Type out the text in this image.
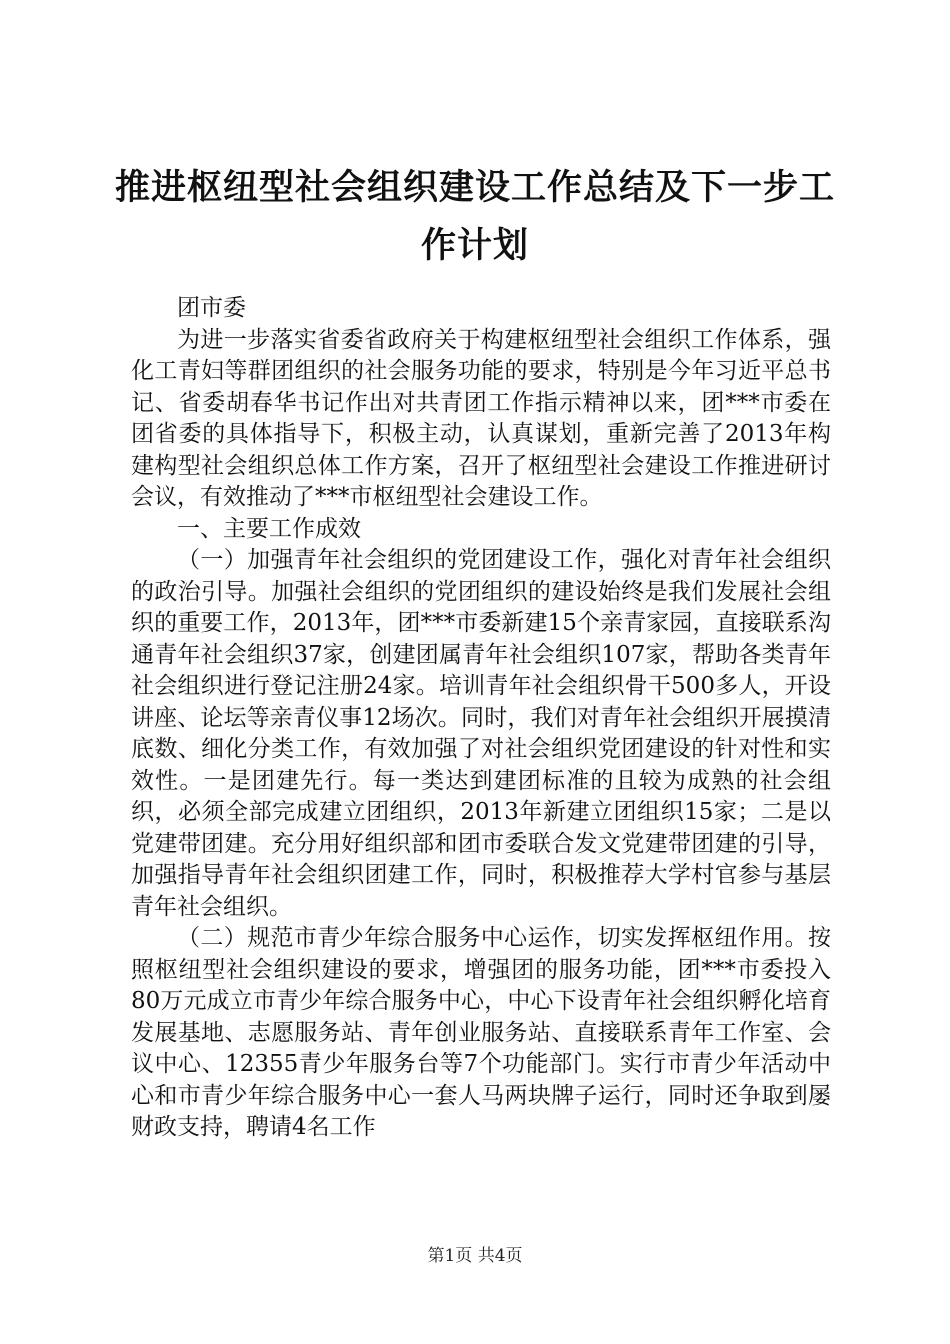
推进枢纽型社会组织建设工作总结及下一步工
作计划

团市委

为进一步落实省委省政府关于构建枢纽型社会组织工作体系，强化工青妇等群团组织的社会服务功能的要求，特别是今年习近平总书记、省委胡春华书记作出对共青团工作指示精神以来，团***市委在团省委的具体指导下，积极主动，认真谋划，重新完善了2013年构建构型社会组织总体工作方案，召开了枢纽型社会建设工作推进研讨会议，有效推动了***市枢纽型社会建设工作。

一、主要工作成效

（一）加强青年社会组织的党团建设工作，强化对青年社会组织的政治引导。加强社会组织的党团组织的建设始终是我们发展社会组织的重要工作，2013年，团***市委新建15个亲青家园，直接联系沟通青年社会组织37家，创建团属青年社会组织107家，帮助各类青年社会组织进行登记注册24家。培训青年社会组织骨干500多人，开设讲座、论坛等亲青仪事12场次。同时，我们对青年社会组织开展摸清底数、细化分类工作，有效加强了对社会组织党团建设的针对性和实效性。一是团建先行。每一类达到建团标准的且较为成熟的社会组织，必须全部完成建立团组织，2013年新建立团组织15家；二是以党建带团建。充分用好组织部和团市委联合发文党建带团建的引导，加强指导青年社会组织团建工作，同时，积极推荐大学村官参与基层青年社会组织。

（二）规范市青少年综合服务中心运作，切实发挥枢纽作用。按照枢纽型社会组织建设的要求，增强团的服务功能，团***市委投入80万元成立市青少年综合服务中心，中心下设青年社会组织孵化培育发展基地、志愿服务站、青年创业服务站、直接联系青年工作室、会议中心、12355青少年服务台等7个功能部门。实行市青少年活动中心和市青少年综合服务中心一套人马两块牌子运行，同时还争取到屡财政支持，聘请4名工作

第1页 共4页
